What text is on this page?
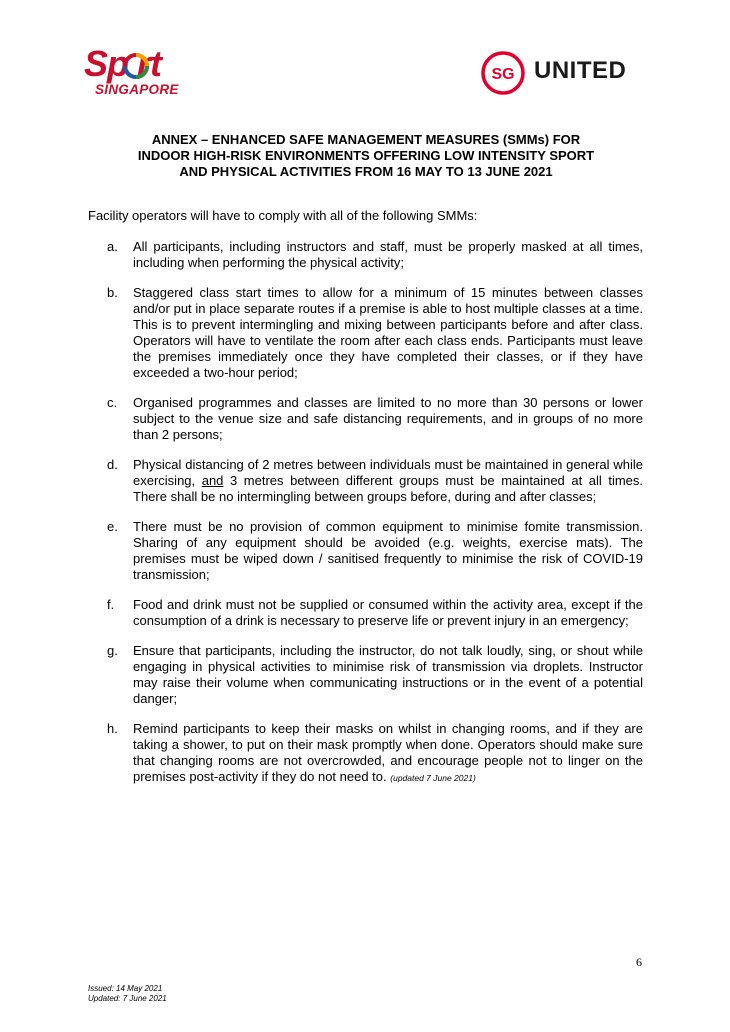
Sp rt
SINGAPORE
SG UNITED
ANNEX – ENHANCED SAFE MANAGEMENT MEASURES (SMMs) FOR
INDOOR HIGH-RISK ENVIRONMENTS OFFERING LOW INTENSITY SPORT
AND PHYSICAL ACTIVITIES FROM 16 MAY TO 13 JUNE 2021
Facility operators will have to comply with all of the following SMMs:
a. All participants, including instructors and staff, must be properly masked at all times, including when performing the physical activity;
b. Staggered class start times to allow for a minimum of 15 minutes between classes and/or put in place separate routes if a premise is able to host multiple classes at a time. This is to prevent intermingling and mixing between participants before and after class. Operators will have to ventilate the room after each class ends. Participants must leave the premises immediately once they have completed their classes, or if they have exceeded a two-hour period;
c. Organised programmes and classes are limited to no more than 30 persons or lower subject to the venue size and safe distancing requirements, and in groups of no more than 2 persons;
d. Physical distancing of 2 metres between individuals must be maintained in general while exercising, and 3 metres between different groups must be maintained at all times. There shall be no intermingling between groups before, during and after classes;
e. There must be no provision of common equipment to minimise fomite transmission. Sharing of any equipment should be avoided (e.g. weights, exercise mats). The premises must be wiped down / sanitised frequently to minimise the risk of COVID-19 transmission;
f. Food and drink must not be supplied or consumed within the activity area, except if the consumption of a drink is necessary to preserve life or prevent injury in an emergency;
g. Ensure that participants, including the instructor, do not talk loudly, sing, or shout while engaging in physical activities to minimise risk of transmission via droplets. Instructor may raise their volume when communicating instructions or in the event of a potential danger;
h. Remind participants to keep their masks on whilst in changing rooms, and if they are taking a shower, to put on their mask promptly when done. Operators should make sure that changing rooms are not overcrowded, and encourage people not to linger on the premises post-activity if they do not need to. (updated 7 June 2021)
6
Issued: 14 May 2021
Updated: 7 June 2021
